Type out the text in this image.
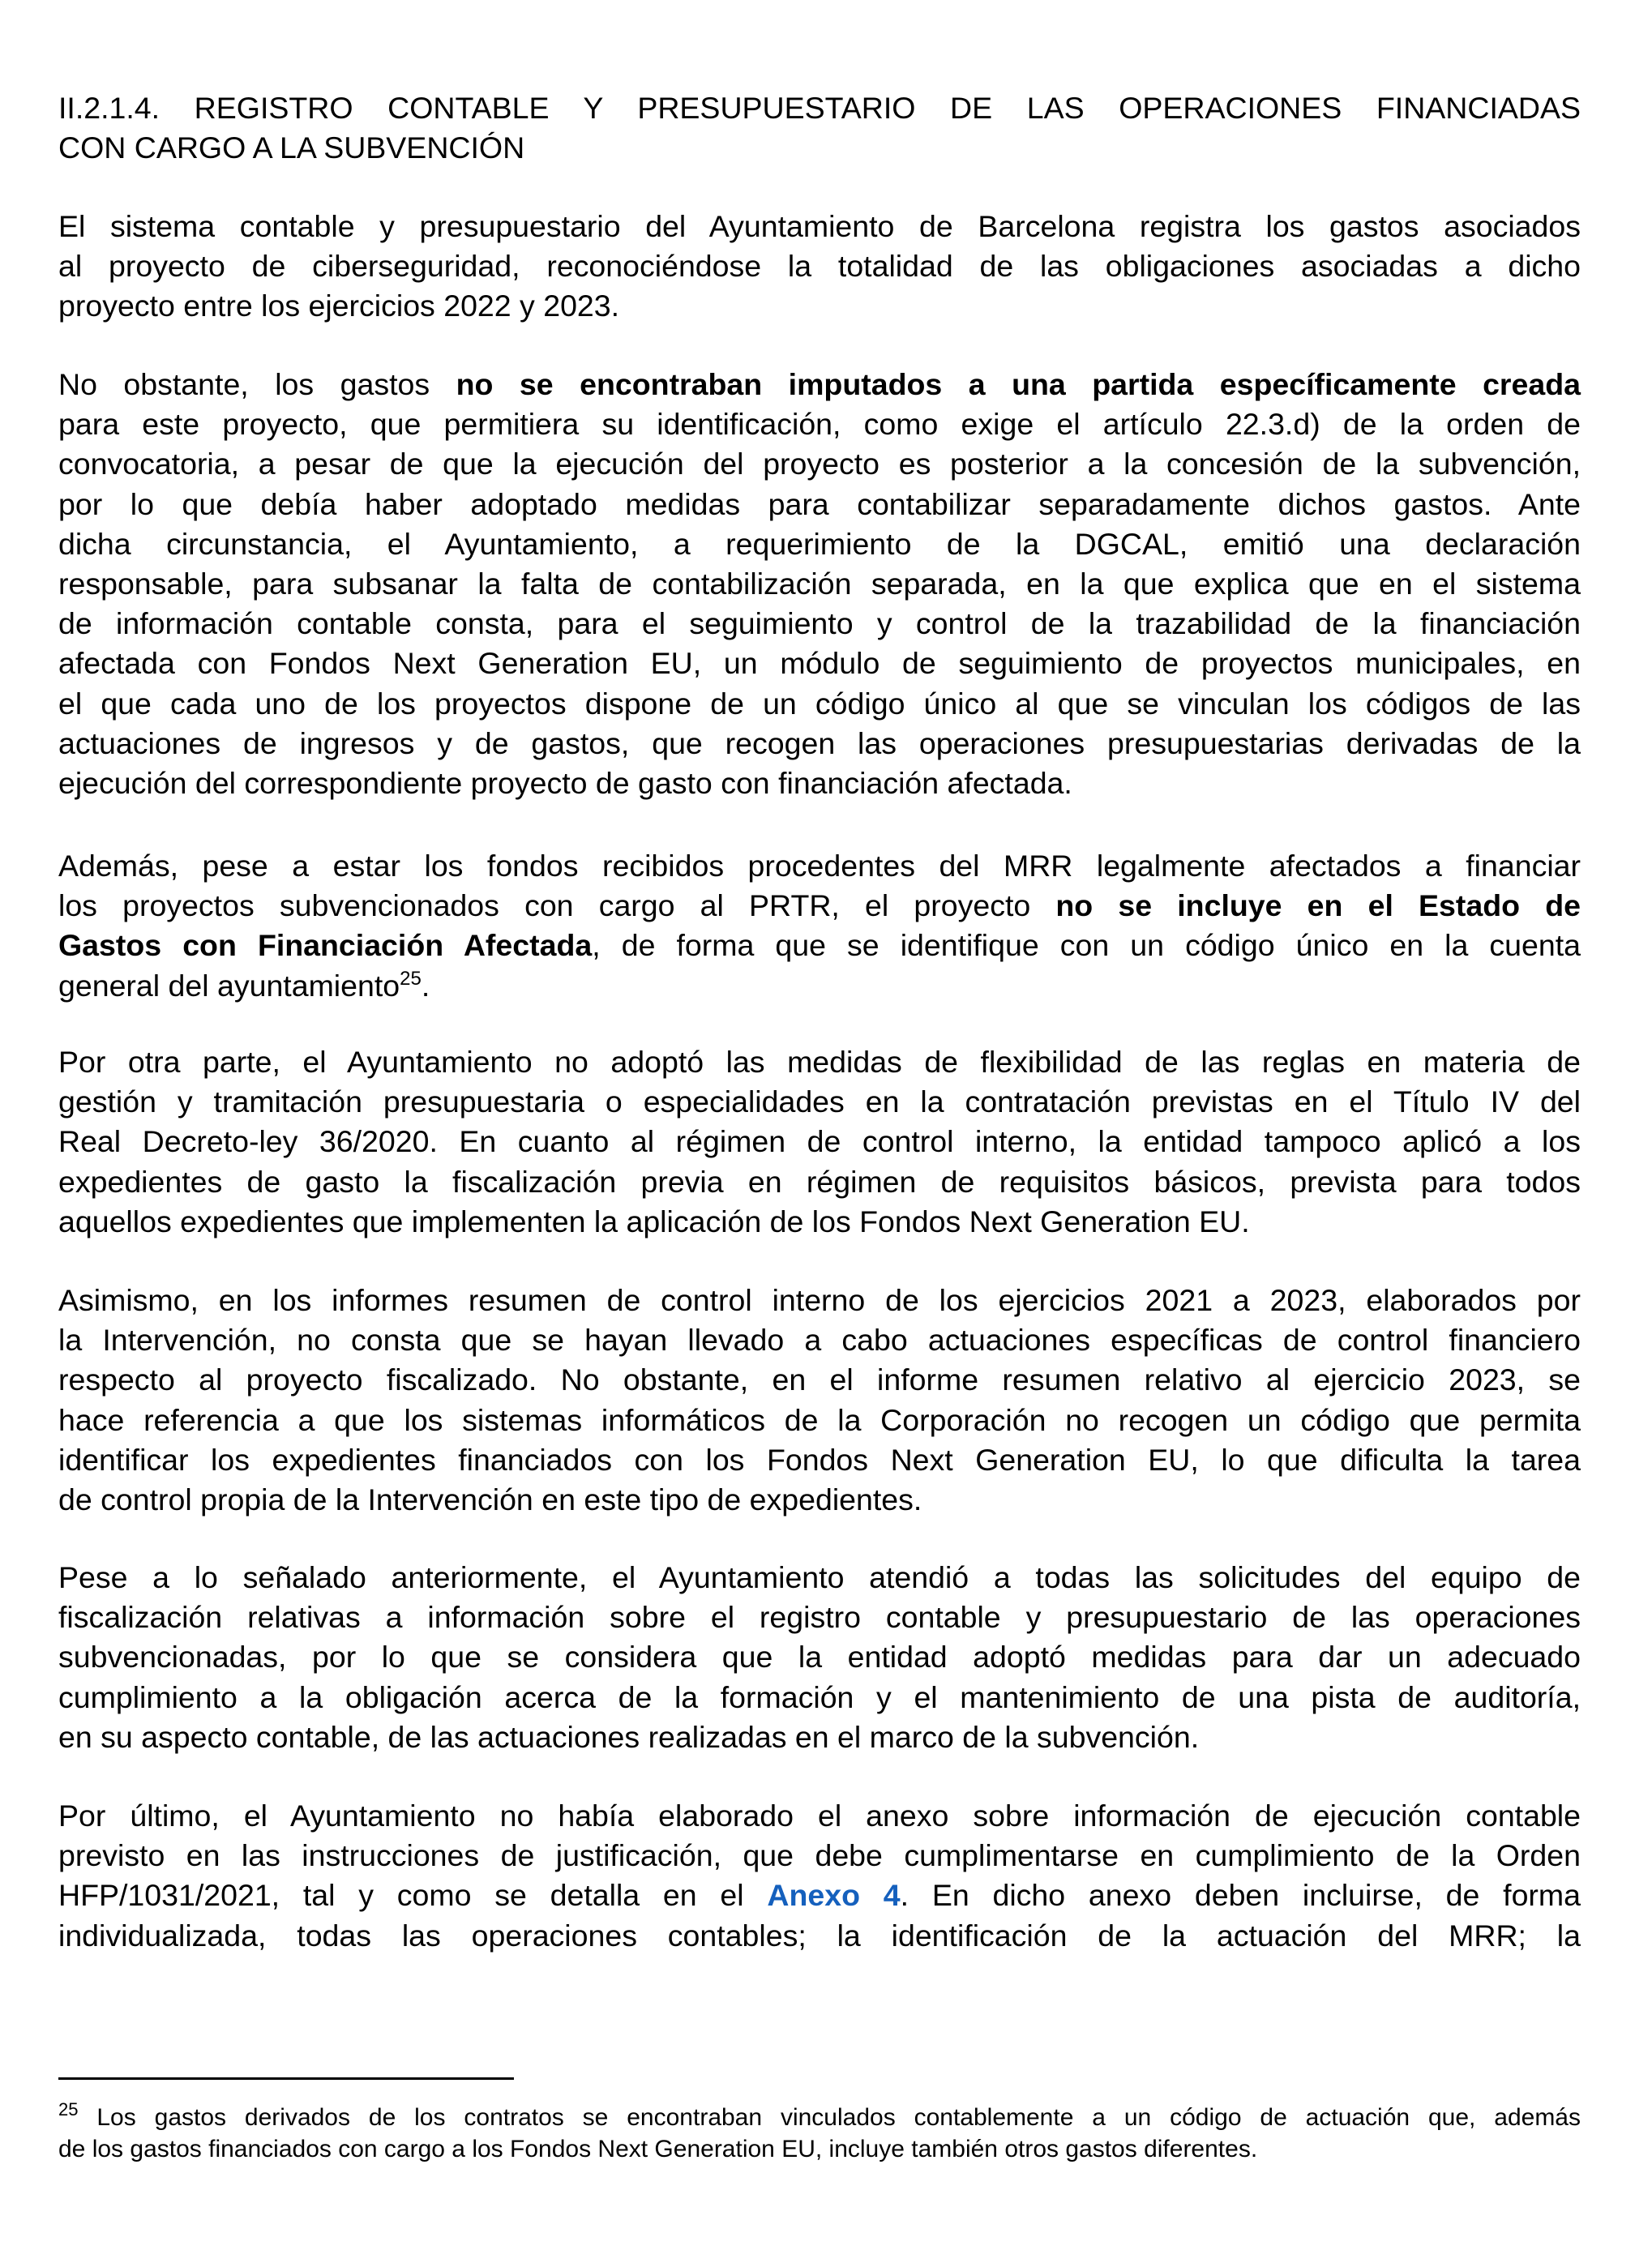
II.2.1.4. REGISTRO CONTABLE Y PRESUPUESTARIO DE LAS OPERACIONES FINANCIADAS
CON CARGO A LA SUBVENCIÓN
El sistema contable y presupuestario del Ayuntamiento de Barcelona registra los gastos asociados
al proyecto de ciberseguridad, reconociéndose la totalidad de las obligaciones asociadas a dicho
proyecto entre los ejercicios 2022 y 2023.
No obstante, los gastos no se encontraban imputados a una partida específicamente creada
para este proyecto, que permitiera su identificación, como exige el artículo 22.3.d) de la orden de
convocatoria, a pesar de que la ejecución del proyecto es posterior a la concesión de la subvención,
por lo que debía haber adoptado medidas para contabilizar separadamente dichos gastos. Ante
dicha circunstancia, el Ayuntamiento, a requerimiento de la DGCAL, emitió una declaración
responsable, para subsanar la falta de contabilización separada, en la que explica que en el sistema
de información contable consta, para el seguimiento y control de la trazabilidad de la financiación
afectada con Fondos Next Generation EU, un módulo de seguimiento de proyectos municipales, en
el que cada uno de los proyectos dispone de un código único al que se vinculan los códigos de las
actuaciones de ingresos y de gastos, que recogen las operaciones presupuestarias derivadas de la
ejecución del correspondiente proyecto de gasto con financiación afectada.
Además, pese a estar los fondos recibidos procedentes del MRR legalmente afectados a financiar
los proyectos subvencionados con cargo al PRTR, el proyecto no se incluye en el Estado de
Gastos con Financiación Afectada, de forma que se identifique con un código único en la cuenta
general del ayuntamiento$^{25}$.
Por otra parte, el Ayuntamiento no adoptó las medidas de flexibilidad de las reglas en materia de
gestión y tramitación presupuestaria o especialidades en la contratación previstas en el Título IV del
Real Decreto-ley 36/2020. En cuanto al régimen de control interno, la entidad tampoco aplicó a los
expedientes de gasto la fiscalización previa en régimen de requisitos básicos, prevista para todos
aquellos expedientes que implementen la aplicación de los Fondos Next Generation EU.
Asimismo, en los informes resumen de control interno de los ejercicios 2021 a 2023, elaborados por
la Intervención, no consta que se hayan llevado a cabo actuaciones específicas de control financiero
respecto al proyecto fiscalizado. No obstante, en el informe resumen relativo al ejercicio 2023, se
hace referencia a que los sistemas informáticos de la Corporación no recogen un código que permita
identificar los expedientes financiados con los Fondos Next Generation EU, lo que dificulta la tarea
de control propia de la Intervención en este tipo de expedientes.
Pese a lo señalado anteriormente, el Ayuntamiento atendió a todas las solicitudes del equipo de
fiscalización relativas a información sobre el registro contable y presupuestario de las operaciones
subvencionadas, por lo que se considera que la entidad adoptó medidas para dar un adecuado
cumplimiento a la obligación acerca de la formación y el mantenimiento de una pista de auditoría,
en su aspecto contable, de las actuaciones realizadas en el marco de la subvención.
Por último, el Ayuntamiento no había elaborado el anexo sobre información de ejecución contable
previsto en las instrucciones de justificación, que debe cumplimentarse en cumplimiento de la Orden
HFP/1031/2021, tal y como se detalla en el Anexo 4. En dicho anexo deben incluirse, de forma
individualizada, todas las operaciones contables; la identificación de la actuación del MRR; la
$^{25}$ Los gastos derivados de los contratos se encontraban vinculados contablemente a un código de actuación que, además
de los gastos financiados con cargo a los Fondos Next Generation EU, incluye también otros gastos diferentes.
